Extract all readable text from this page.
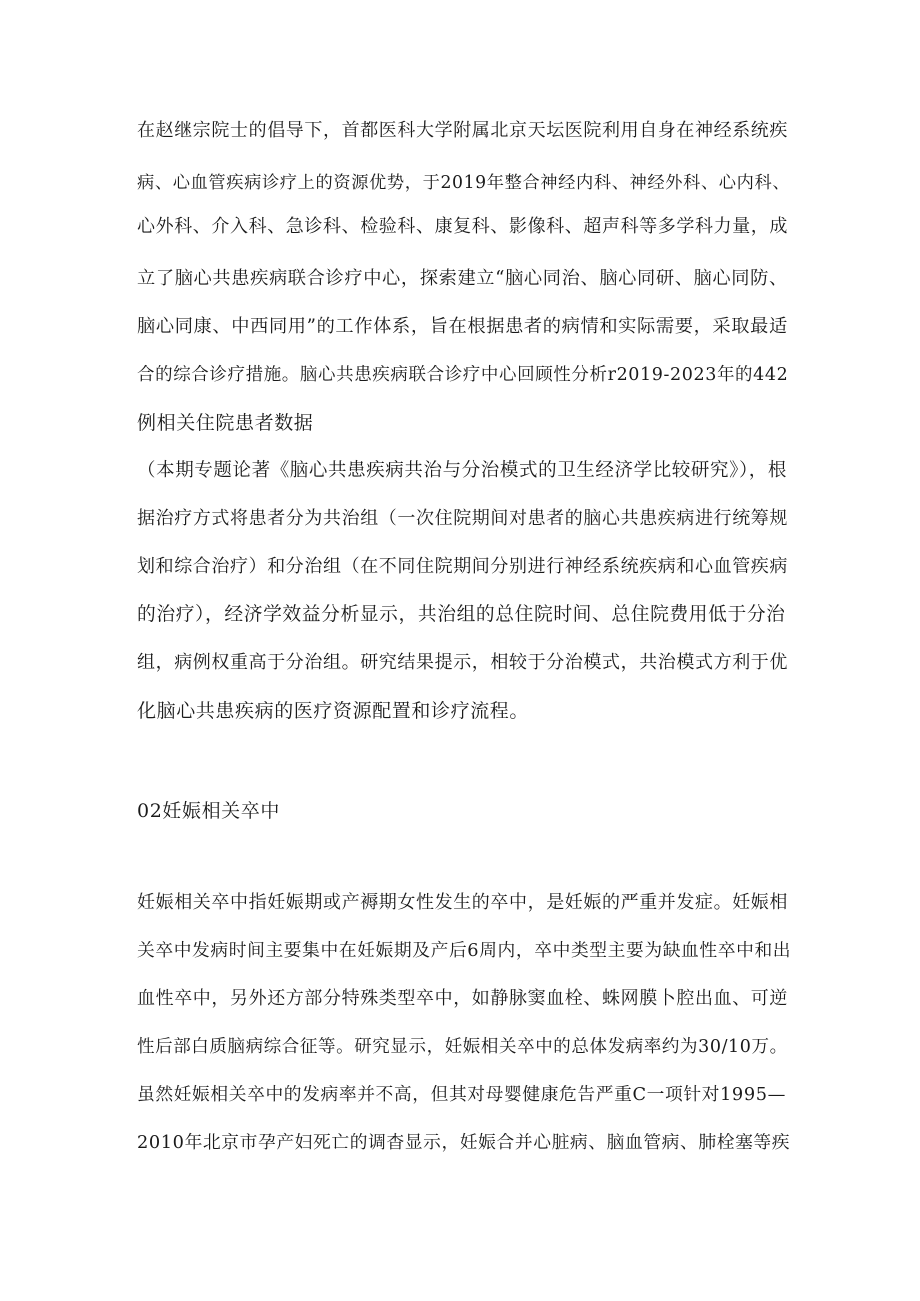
在赵继宗院士的倡导下，首都医科大学附属北京天坛医院利用自身在神经系统疾
病、心血管疾病诊疗上的资源优势，于2019年整合神经内科、神经外科、心内科、
心外科、介入科、急诊科、检验科、康复科、影像科、超声科等多学科力量，成
立了脑心共患疾病联合诊疗中心，探索建立“脑心同治、脑心同研、脑心同防、
脑心同康、中西同用”的工作体系，旨在根据患者的病情和实际需要，采取最适
合的综合诊疗措施。脑心共患疾病联合诊疗中心回顾性分析r2019-2023年的442
例相关住院患者数据
（本期专题论著《脑心共患疾病共治与分治模式的卫生经济学比较研究》），根
据治疗方式将患者分为共治组（一次住院期间对患者的脑心共患疾病进行统筹规
划和综合治疗）和分治组（在不同住院期间分别进行神经系统疾病和心血管疾病
的治疗），经济学效益分析显示，共治组的总住院时间、总住院费用低于分治
组，病例权重高于分治组。研究结果提示，相较于分治模式，共治模式方利于优
化脑心共患疾病的医疗资源配置和诊疗流程。
02妊娠相关卒中
妊娠相关卒中指妊娠期或产褥期女性发生的卒中，是妊娠的严重并发症。妊娠相
关卒中发病时间主要集中在妊娠期及产后6周内，卒中类型主要为缺血性卒中和出
血性卒中，另外还方部分特殊类型卒中，如静脉窦血栓、蛛网膜卜腔出血、可逆
性后部白质脑病综合征等。研究显示，妊娠相关卒中的总体发病率约为30/10万。
虽然妊娠相关卒中的发病率并不高，但其对母婴健康危告严重C一项针对1995—
2010年北京市孕产妇死亡的调杳显示，妊娠合并心脏病、脑血管病、肺栓塞等疾
